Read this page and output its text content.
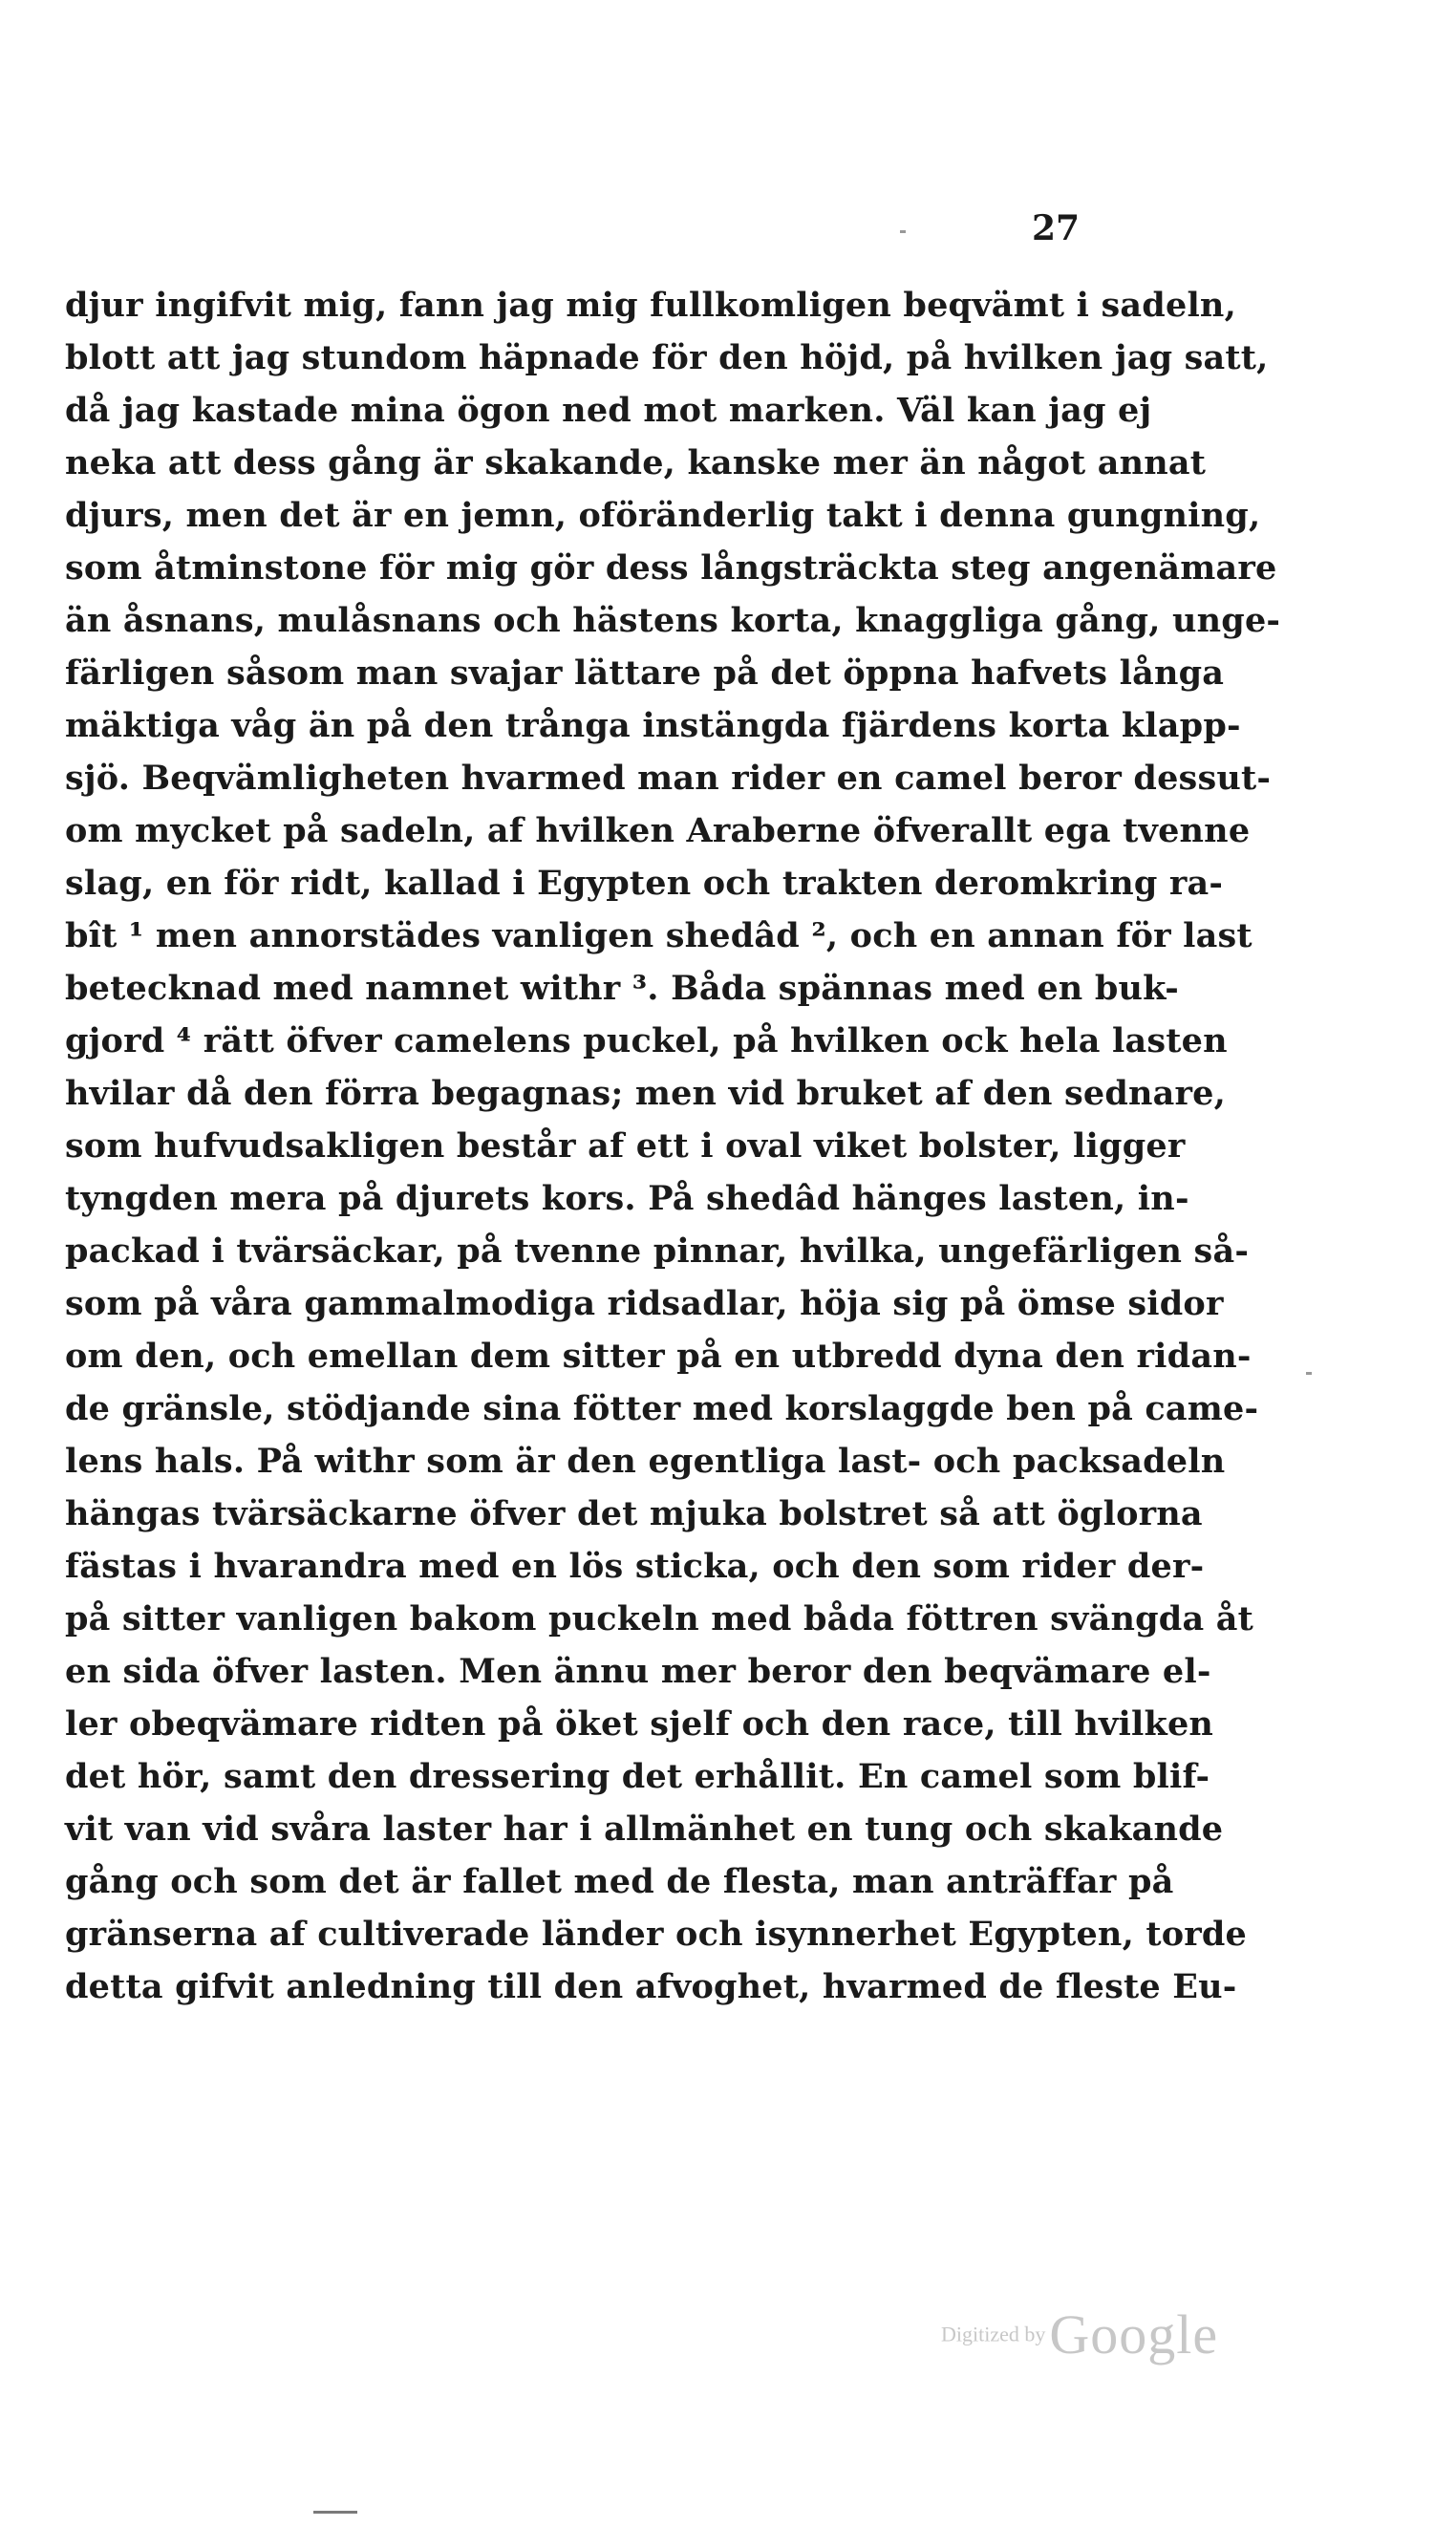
27
djur ingifvit mig, fann jag mig fullkomligen beqvämt i sadeln,
blott att jag stundom häpnade för den höjd, på hvilken jag satt,
då jag kastade mina ögon ned mot marken. Väl kan jag ej
neka att dess gång är skakande, kanske mer än något annat
djurs, men det är en jemn, oföränderlig takt i denna gungning,
som åtminstone för mig gör dess långsträckta steg angenämare
än åsnans, mulåsnans och hästens korta, knaggliga gång, unge-
färligen såsom man svajar lättare på det öppna hafvets långa
mäktiga våg än på den trånga instängda fjärdens korta klapp-
sjö. Beqvämligheten hvarmed man rider en camel beror dessut-
om mycket på sadeln, af hvilken Araberne öfverallt ega tvenne
slag, en för ridt, kallad i Egypten och trakten deromkring ra-
bît ¹ men annorstädes vanligen shedâd ², och en annan för last
betecknad med namnet withr ³. Båda spännas med en buk-
gjord ⁴ rätt öfver camelens puckel, på hvilken ock hela lasten
hvilar då den förra begagnas; men vid bruket af den sednare,
som hufvudsakligen består af ett i oval viket bolster, ligger
tyngden mera på djurets kors. På shedâd hänges lasten, in-
packad i tvärsäckar, på tvenne pinnar, hvilka, ungefärligen så-
som på våra gammalmodiga ridsadlar, höja sig på ömse sidor
om den, och emellan dem sitter på en utbredd dyna den ridan-
de gränsle, stödjande sina fötter med korslaggde ben på came-
lens hals. På withr som är den egentliga last- och packsadeln
hängas tvärsäckarne öfver det mjuka bolstret så att öglorna
fästas i hvarandra med en lös sticka, och den som rider der-
på sitter vanligen bakom puckeln med båda föttren svängda åt
en sida öfver lasten. Men ännu mer beror den beqvämare el-
ler obeqvämare ridten på öket sjelf och den race, till hvilken
det hör, samt den dressering det erhållit. En camel som blif-
vit van vid svåra laster har i allmänhet en tung och skakande
gång och som det är fallet med de flesta, man anträffar på
gränserna af cultiverade länder och isynnerhet Egypten, torde
detta gifvit anledning till den afvoghet, hvarmed de fleste Eu-
Digitized by Google
